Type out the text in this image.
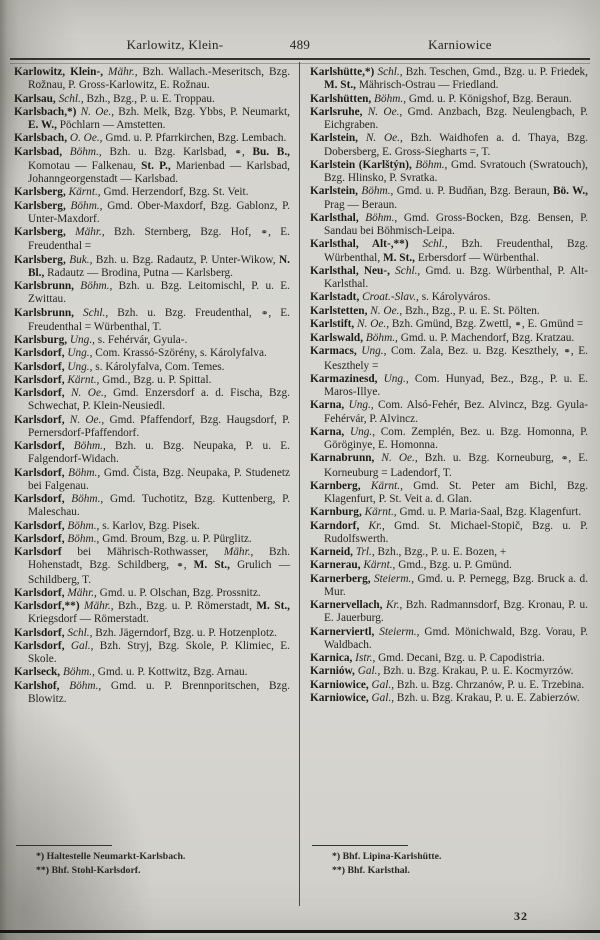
Karlowitz, Klein-	489	Karniowice

Karlowitz, Klein-, Mähr., Bzh. Wallach.-Meseritsch, Bzg. Rožnau, P. Gross-Karlowitz, E. Rožnau.

Karlsau, Schl., Bzh., Bzg., P. u. E. Troppau.

Karlsbach,*) N. Oe., Bzh. Melk, Bzg. Ybbs, P. Neumarkt, E. W., Pöchlarn — Amstetten.

Karlsbach, O. Oe., Gmd. u. P. Pfarrkirchen, Bzg. Lembach.

Karlsbad, Böhm., Bzh. u. Bzg. Karlsbad, ⚭, Bu. B., Komotau — Falkenau, St. P., Marienbad — Karlsbad, Johanngeorgenstadt — Karlsbad.

Karlsberg, Kärnt., Gmd. Herzendorf, Bzg. St. Veit.

Karlsberg, Böhm., Gmd. Ober-Maxdorf, Bzg. Gablonz, P. Unter-Maxdorf.

Karlsberg, Mähr., Bzh. Sternberg, Bzg. Hof, ⚭, E. Freudenthal =

Karlsberg, Buk., Bzh. u. Bzg. Radautz, P. Unter-Wikow, N. Bl., Radautz — Brodina, Putna — Karlsberg.

Karlsbrunn, Böhm., Bzh. u. Bzg. Leitomischl, P. u. E. Zwittau.

Karlsbrunn, Schl., Bzh. u. Bzg. Freudenthal, ⚭, E. Freudenthal = Würbenthal, T.

Karlsburg, Ung., s. Fehérvár, Gyula-.

Karlsdorf, Ung., Com. Krassó-Szörény, s. Károlyfalva.

Karlsdorf, Ung., s. Károlyfalva, Com. Temes.

Karlsdorf, Kärnt., Gmd., Bzg. u. P. Spittal.

Karlsdorf, N. Oe., Gmd. Enzersdorf a. d. Fischa, Bzg. Schwechat, P. Klein-Neusiedl.

Karlsdorf, N. Oe., Gmd. Pfaffendorf, Bzg. Haugsdorf, P. Pernersdorf-Pfaffendorf.

Karlsdorf, Böhm., Bzh. u. Bzg. Neupaka, P. u. E. Falgendorf-Widach.

Karlsdorf, Böhm., Gmd. Čista, Bzg. Neupaka, P. Studenetz bei Falgenau.

Karlsdorf, Böhm., Gmd. Tuchotitz, Bzg. Kuttenberg, P. Maleschau.

Karlsdorf, Böhm., s. Karlov, Bzg. Pisek.

Karlsdorf, Böhm., Gmd. Broum, Bzg. u. P. Pürglitz.

Karlsdorf bei Mährisch-Rothwasser, Mähr., Bzh. Hohenstadt, Bzg. Schildberg, ⚭, M. St., Grulich — Schildberg, T.

Karlsdorf, Mähr., Gmd. u. P. Olschan, Bzg. Prossnitz.

Karlsdorf,**) Mähr., Bzh., Bzg. u. P. Römerstadt, M. St., Kriegsdorf — Römerstadt.

Karlsdorf, Schl., Bzh. Jägerndorf, Bzg. u. P. Hotzenplotz.

Karlsdorf, Gal., Bzh. Stryj, Bzg. Skole, P. Klimiec, E. Skole.

Karlseck, Böhm., Gmd. u. P. Kottwitz, Bzg. Arnau.

Karlshof, Böhm., Gmd. u. P. Brennporitschen, Bzg. Blowitz.

*) Haltestelle Neumarkt-Karlsbach.

**) Bhf. Stohl-Karlsdorf.

Karlshütte,*) Schl., Bzh. Teschen, Gmd., Bzg. u. P. Friedek, M. St., Mährisch-Ostrau — Friedland.

Karlshütten, Böhm., Gmd. u. P. Königshof, Bzg. Beraun.

Karlsruhe, N. Oe., Gmd. Anzbach, Bzg. Neulengbach, P. Eichgraben.

Karlstein, N. Oe., Bzh. Waidhofen a. d. Thaya, Bzg. Dobersberg, E. Gross-Siegharts =, T.

Karlstein (Karlštýn), Böhm., Gmd. Svratouch (Swratouch), Bzg. Hlinsko, P. Svratka.

Karlstein, Böhm., Gmd. u. P. Budňan, Bzg. Beraun, Bö. W., Prag — Beraun.

Karlsthal, Böhm., Gmd. Gross-Bocken, Bzg. Bensen, P. Sandau bei Böhmisch-Leipa.

Karlsthal, Alt-,**) Schl., Bzh. Freudenthal, Bzg. Würbenthal, M. St., Erbersdorf — Würbenthal.

Karlsthal, Neu-, Schl., Gmd. u. Bzg. Würbenthal, P. Alt-Karlsthal.

Karlstadt, Croat.-Slav., s. Károlyváros.

Karlstetten, N. Oe., Bzh., Bzg., P. u. E. St. Pölten.

Karlstift, N. Oe., Bzh. Gmünd, Bzg. Zwettl, ⚭, E. Gmünd =

Karlswald, Böhm., Gmd. u. P. Machendorf, Bzg. Kratzau.

Karmacs, Ung., Com. Zala, Bez. u. Bzg. Keszthely, ⚭, E. Keszthely =

Karmazinesd, Ung., Com. Hunyad, Bez., Bzg., P. u. E. Maros-Illye.

Karna, Ung., Com. Alsó-Fehér, Bez. Alvincz, Bzg. Gyula-Fehérvár, P. Alvincz.

Karna, Ung., Com. Zemplén, Bez. u. Bzg. Homonna, P. Göröginye, E. Homonna.

Karnabrunn, N. Oe., Bzh. u. Bzg. Korneuburg, ⚭, E. Korneuburg = Ladendorf, T.

Karnberg, Kärnt., Gmd. St. Peter am Bichl, Bzg. Klagenfurt, P. St. Veit a. d. Glan.

Karnburg, Kärnt., Gmd. u. P. Maria-Saal, Bzg. Klagenfurt.

Karndorf, Kr., Gmd. St. Michael-Stopič, Bzg. u. P. Rudolfswerth.

Karneid, Trl., Bzh., Bzg., P. u. E. Bozen, +

Karnerau, Kärnt., Gmd., Bzg. u. P. Gmünd.

Karnerberg, Steierm., Gmd. u. P. Pernegg, Bzg. Bruck a. d. Mur.

Karnervellach, Kr., Bzh. Radmannsdorf, Bzg. Kronau, P. u. E. Jauerburg.

Karnerviertl, Steierm., Gmd. Mönichwald, Bzg. Vorau, P. Waldbach.

Karnica, Istr., Gmd. Decani, Bzg. u. P. Capodistria.

Karniów, Gal., Bzh. u. Bzg. Krakau, P. u. E. Kocmyrzów.

Karniowice, Gal., Bzh. u. Bzg. Chrzanów, P. u. E. Trzebina.

Karniowice, Gal., Bzh. u. Bzg. Krakau, P. u. E. Zabierzów.

*) Bhf. Lipina-Karlshütte.

**) Bhf. Karlsthal.

32
